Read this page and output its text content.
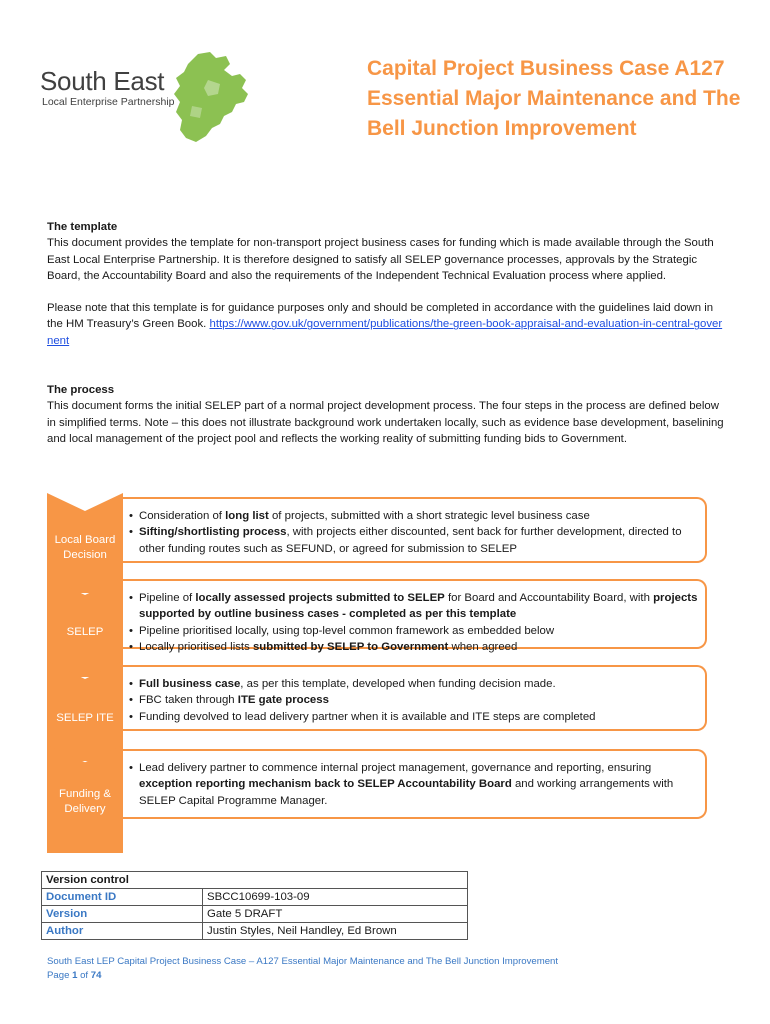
South East
Local Enterprise Partnership
Capital Project Business Case A127 Essential Major Maintenance and The Bell Junction Improvement

The template

This document provides the template for non-transport project business cases for funding which is made available through the South East Local Enterprise Partnership. It is therefore designed to satisfy all SELEP governance processes, approvals by the Strategic Board, the Accountability Board and also the requirements of the Independent Technical Evaluation process where applied.

Please note that this template is for guidance purposes only and should be completed in accordance with the guidelines laid down in the HM Treasury’s Green Book. https://www.gov.uk/government/publications/the-green-book-appraisal-and-evaluation-in-central-governent

The process

This document forms the initial SELEP part of a normal project development process. The four steps in the process are defined below in simplified terms. Note – this does not illustrate background work undertaken locally, such as evidence base development, baselining and local management of the project pool and reflects the working reality of submitting funding bids to Government.

Local Board Decision
• Consideration of long list of projects, submitted with a short strategic level business case
• Sifting/shortlisting process, with projects either discounted, sent back for further development, directed to other funding routes such as SEFUND, or agreed for submission to SELEP
SELEP
• Pipeline of locally assessed projects submitted to SELEP for Board and Accountability Board, with projects supported by outline business cases - completed as per this template
• Pipeline prioritised locally, using top-level common framework as embedded below
• Locally prioritised lists submitted by SELEP to Government when agreed
SELEP ITE
• Full business case, as per this template, developed when funding decision made.
• FBC taken through ITE gate process
• Funding devolved to lead delivery partner when it is available and ITE steps are completed
Funding & Delivery
• Lead delivery partner to commence internal project management, governance and reporting, ensuring exception reporting mechanism back to SELEP Accountability Board and working arrangements with SELEP Capital Programme Manager.
Version control	
Document ID	SBCC10699-103-09
Version	Gate 5 DRAFT
Author	Justin Styles, Neil Handley, Ed Brown
South East LEP Capital Project Business Case – A127 Essential Major Maintenance and The Bell Junction Improvement
Page 1 of 74
